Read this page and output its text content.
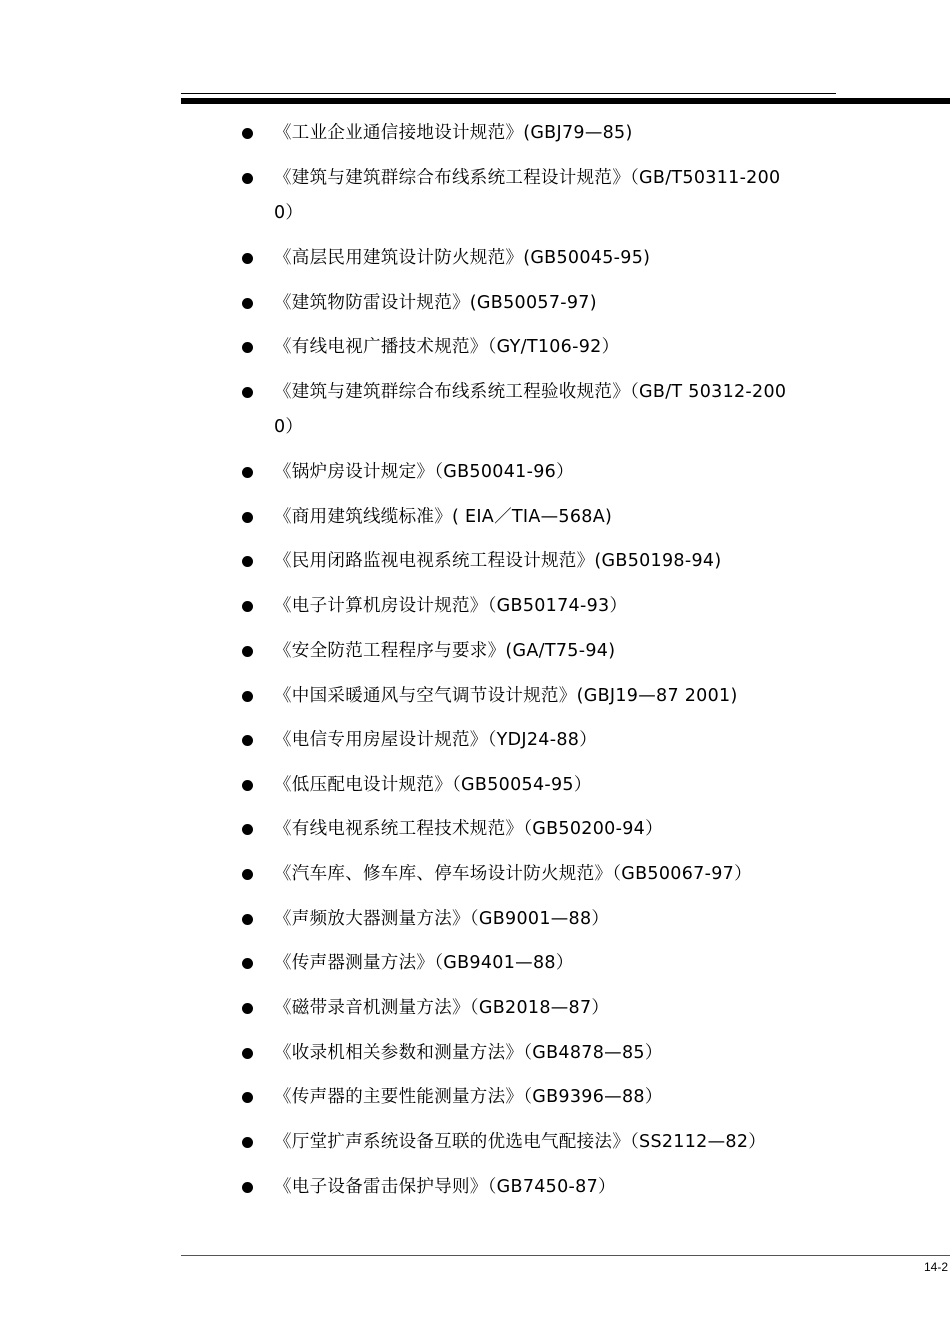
《工业企业通信接地设计规范》(GBJ79—85)
《建筑与建筑群综合布线系统工程设计规范》（GB/T50311-2000）
《高层民用建筑设计防火规范》(GB50045-95)
《建筑物防雷设计规范》(GB50057-97)
《有线电视广播技术规范》（GY/T106-92）
《建筑与建筑群综合布线系统工程验收规范》（GB/T 50312-2000）
《锅炉房设计规定》（GB50041-96）
《商用建筑线缆标准》( EIA／TIA—568A)
《民用闭路监视电视系统工程设计规范》(GB50198-94)
《电子计算机房设计规范》（GB50174-93）
《安全防范工程程序与要求》(GA/T75-94)
《中国采暖通风与空气调节设计规范》(GBJ19—87 2001)
《电信专用房屋设计规范》（YDJ24-88）
《低压配电设计规范》（GB50054-95）
《有线电视系统工程技术规范》（GB50200-94）
《汽车库、修车库、停车场设计防火规范》（GB50067-97）
《声频放大器测量方法》（GB9001—88）
《传声器测量方法》（GB9401—88）
《磁带录音机测量方法》（GB2018—87）
《收录机相关参数和测量方法》（GB4878—85）
《传声器的主要性能测量方法》（GB9396—88）
《厅堂扩声系统设备互联的优选电气配接法》（SS2112—82）
《电子设备雷击保护导则》（GB7450-87）
14-2
